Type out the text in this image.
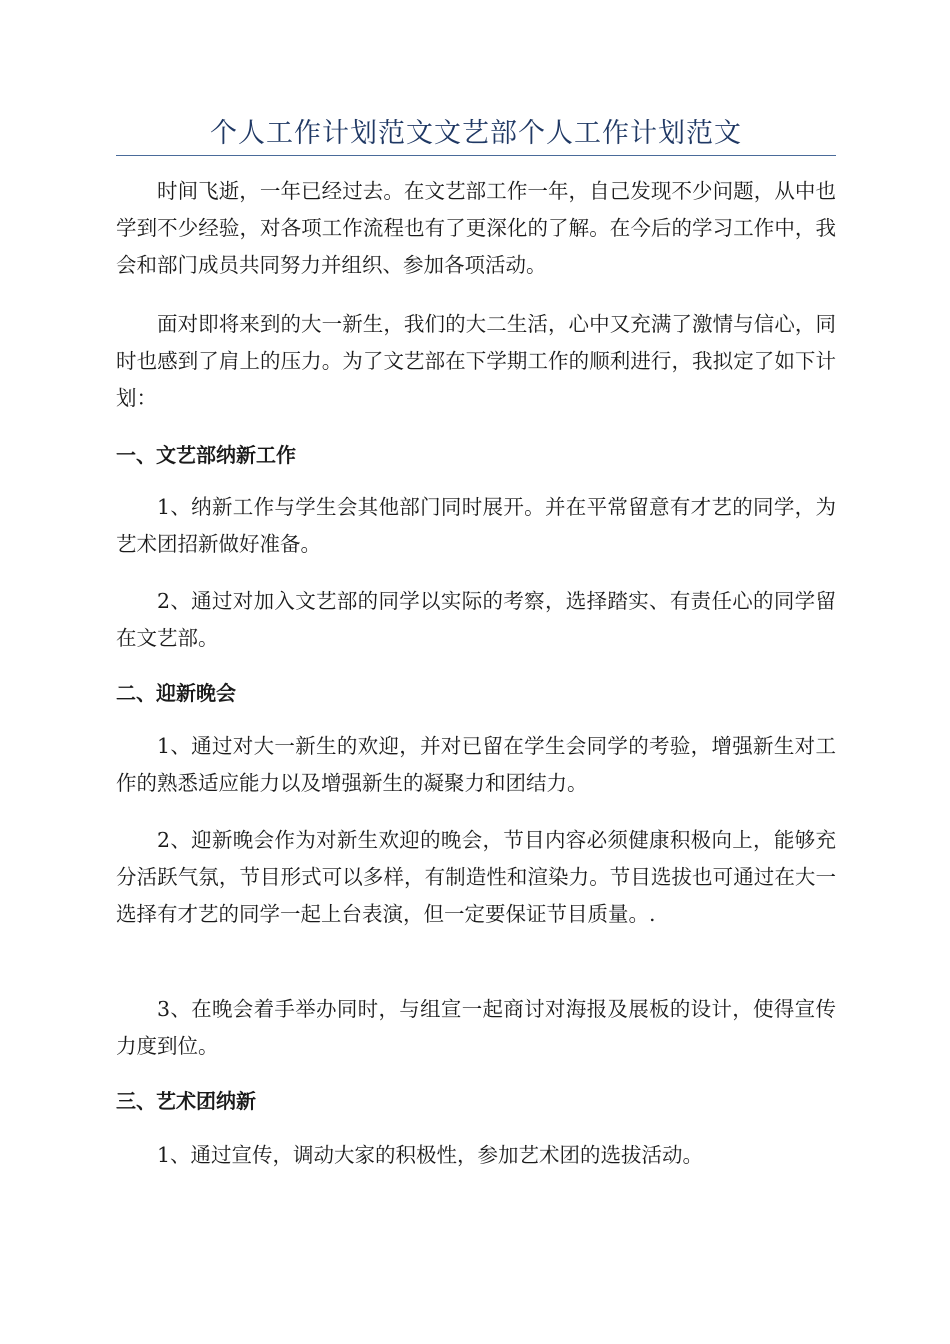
个人工作计划范文文艺部个人工作计划范文

时间飞逝，一年已经过去。在文艺部工作一年，自己发现不少问题，从中也学到不少经验，对各项工作流程也有了更深化的了解。在今后的学习工作中，我会和部门成员共同努力并组织、参加各项活动。

面对即将来到的大一新生，我们的大二生活，心中又充满了激情与信心，同时也感到了肩上的压力。为了文艺部在下学期工作的顺利进行，我拟定了如下计划：

一、文艺部纳新工作

1、纳新工作与学生会其他部门同时展开。并在平常留意有才艺的同学，为艺术团招新做好准备。

2、通过对加入文艺部的同学以实际的考察，选择踏实、有责任心的同学留在文艺部。

二、迎新晚会

1、通过对大一新生的欢迎，并对已留在学生会同学的考验，增强新生对工作的熟悉适应能力以及增强新生的凝聚力和团结力。

2、迎新晚会作为对新生欢迎的晚会，节目内容必须健康积极向上，能够充分活跃气氛，节目形式可以多样，有制造性和渲染力。节目选拔也可通过在大一选择有才艺的同学一起上台表演，但一定要保证节目质量。.

3、在晚会着手举办同时，与组宣一起商讨对海报及展板的设计，使得宣传力度到位。

三、艺术团纳新

1、通过宣传，调动大家的积极性，参加艺术团的选拔活动。
